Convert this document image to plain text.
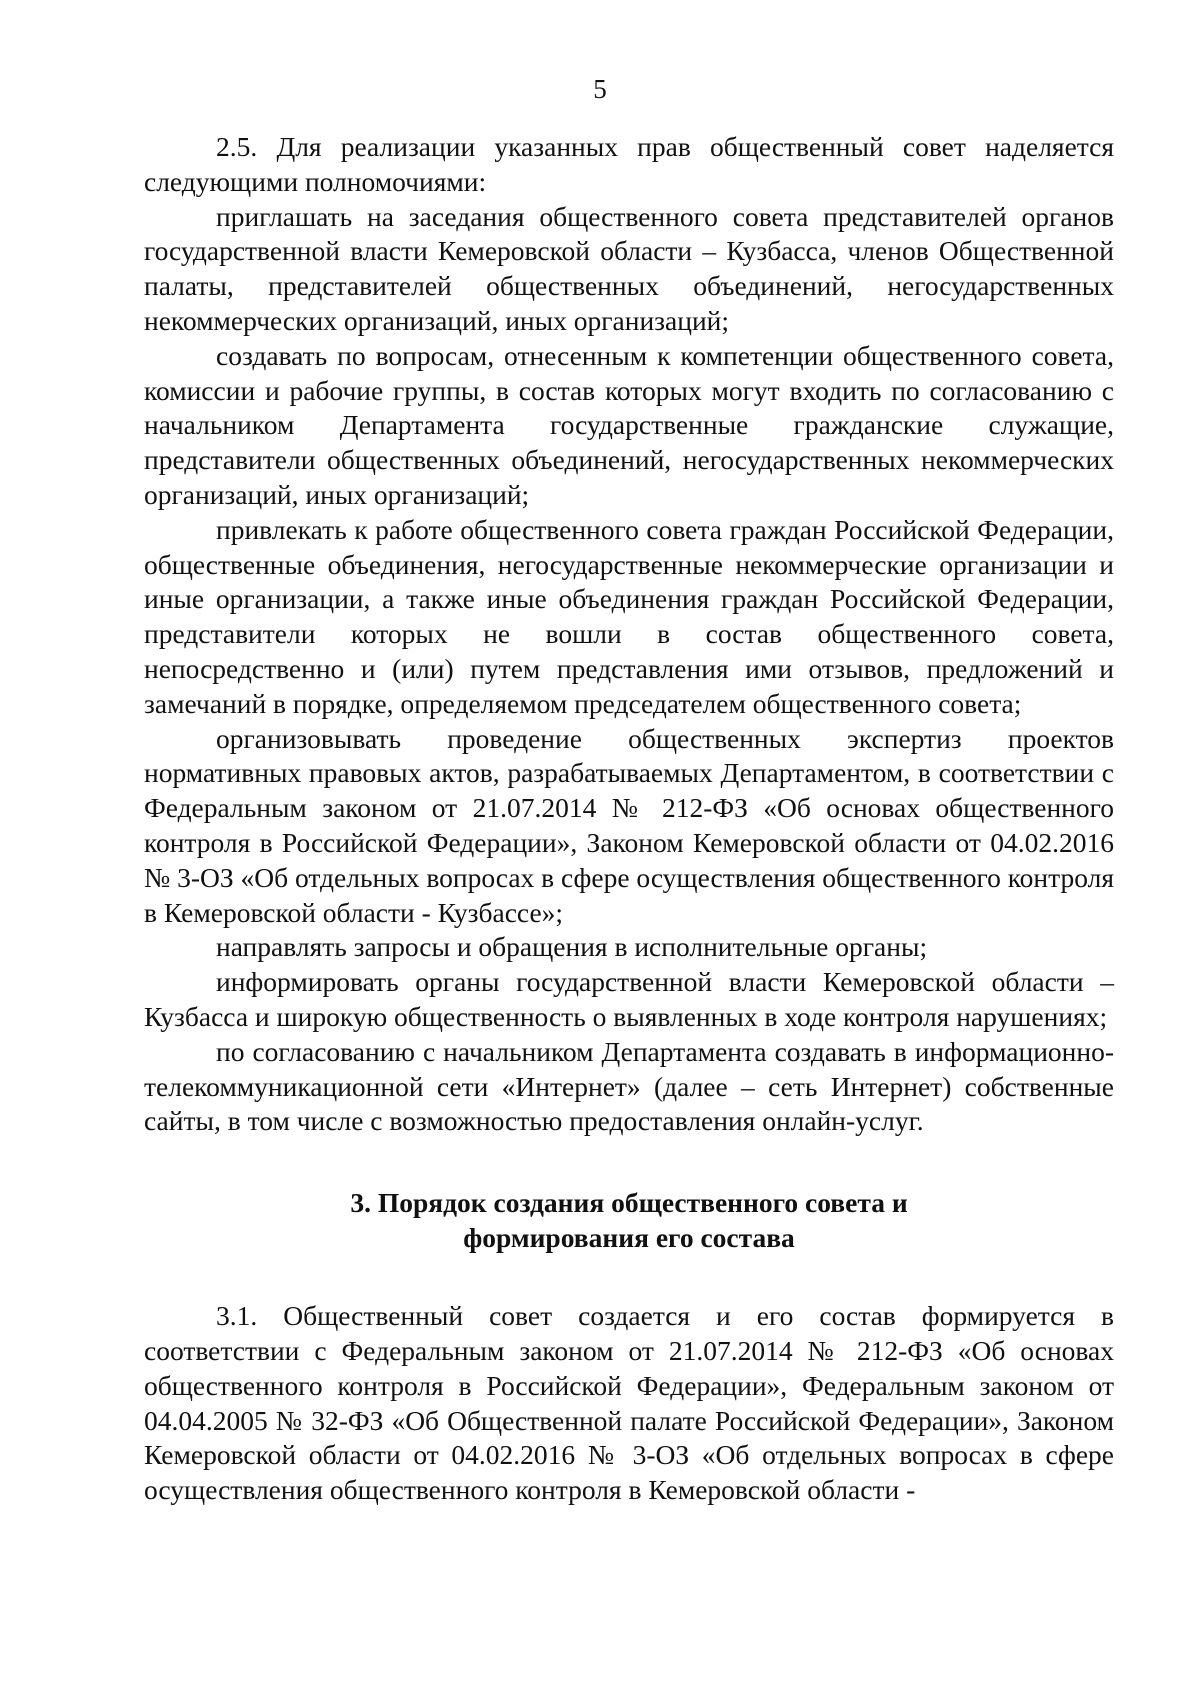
5

2.5. Для реализации указанных прав общественный совет наделяется следующими полномочиями:

приглашать на заседания общественного совета представителей органов государственной власти Кемеровской области – Кузбасса, членов Общественной палаты, представителей общественных объединений, негосударственных некоммерческих организаций, иных организаций;

создавать по вопросам, отнесенным к компетенции общественного совета, комиссии и рабочие группы, в состав которых могут входить по согласованию с начальником Департамента государственные гражданские служащие, представители общественных объединений, негосударственных некоммерческих организаций, иных организаций;

привлекать к работе общественного совета граждан Российской Федерации, общественные объединения, негосударственные некоммерческие организации и иные организации, а также иные объединения граждан Российской Федерации, представители которых не вошли в состав общественного совета, непосредственно и (или) путем представления ими отзывов, предложений и замечаний в порядке, определяемом председателем общественного совета;

организовывать проведение общественных экспертиз проектов нормативных правовых актов, разрабатываемых Департаментом, в соответствии с Федеральным законом от 21.07.2014 № 212-ФЗ «Об основах общественного контроля в Российской Федерации», Законом Кемеровской области от 04.02.2016 № 3-ОЗ «Об отдельных вопросах в сфере осуществления общественного контроля в Кемеровской области - Кузбассе»;

направлять запросы и обращения в исполнительные органы;

информировать органы государственной власти Кемеровской области – Кузбасса и широкую общественность о выявленных в ходе контроля нарушениях;

по согласованию с начальником Департамента создавать в информационно-телекоммуникационной сети «Интернет» (далее – сеть Интернет) собственные сайты, в том числе с возможностью предоставления онлайн-услуг.

3. Порядок создания общественного совета и
формирования его состава

3.1. Общественный совет создается и его состав формируется в соответствии с Федеральным законом от 21.07.2014 № 212-ФЗ «Об основах общественного контроля в Российской Федерации», Федеральным законом от 04.04.2005 № 32-ФЗ «Об Общественной палате Российской Федерации», Законом Кемеровской области от 04.02.2016 № 3-ОЗ «Об отдельных вопросах в сфере осуществления общественного контроля в Кемеровской области -
